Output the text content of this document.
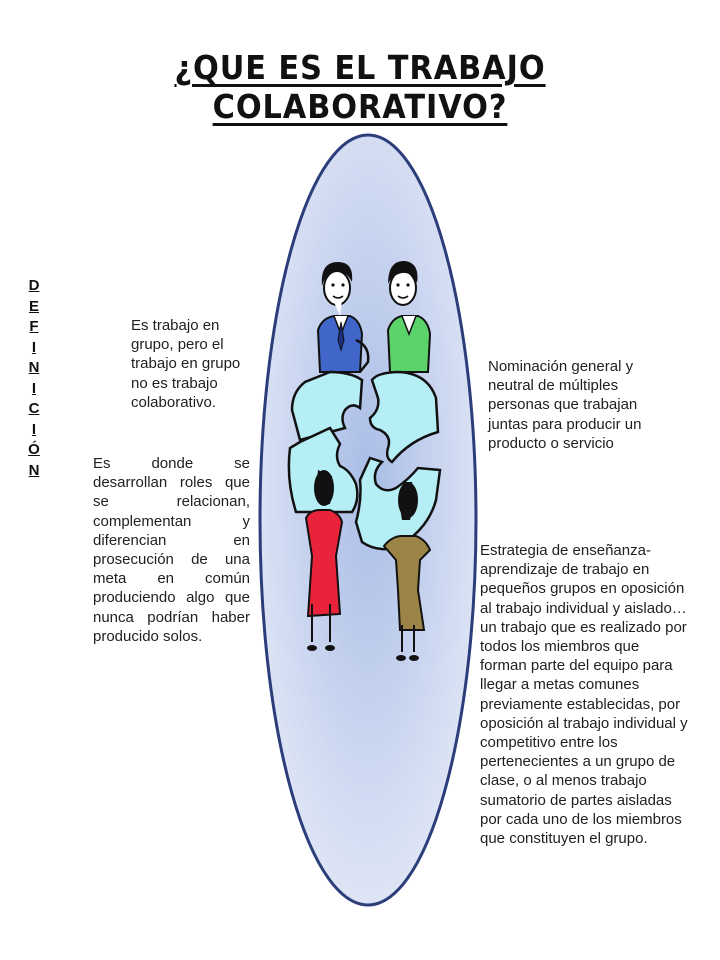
¿QUE ES EL TRABAJO COLABORATIVO?
D
E
F
I
N
I
C
I
Ó
N
Es trabajo en grupo, pero el trabajo en grupo no es trabajo colaborativo.
Es donde se desarrollan roles que se relacionan, complementan y diferencian en prosecución de una meta en común produciendo algo que nunca podrían haber producido solos.
Nominación general y neutral de múltiples personas que trabajan juntas para producir un producto o servicio
Estrategia de enseñanza-aprendizaje de trabajo en pequeños grupos en oposición al trabajo individual y aislado… un trabajo que es realizado por todos los miembros que forman parte del equipo para llegar a metas comunes previamente establecidas, por oposición al trabajo individual y competitivo entre los pertenecientes a un grupo de clase, o al menos trabajo sumatorio de partes aisladas por cada uno de los miembros que constituyen el grupo.
